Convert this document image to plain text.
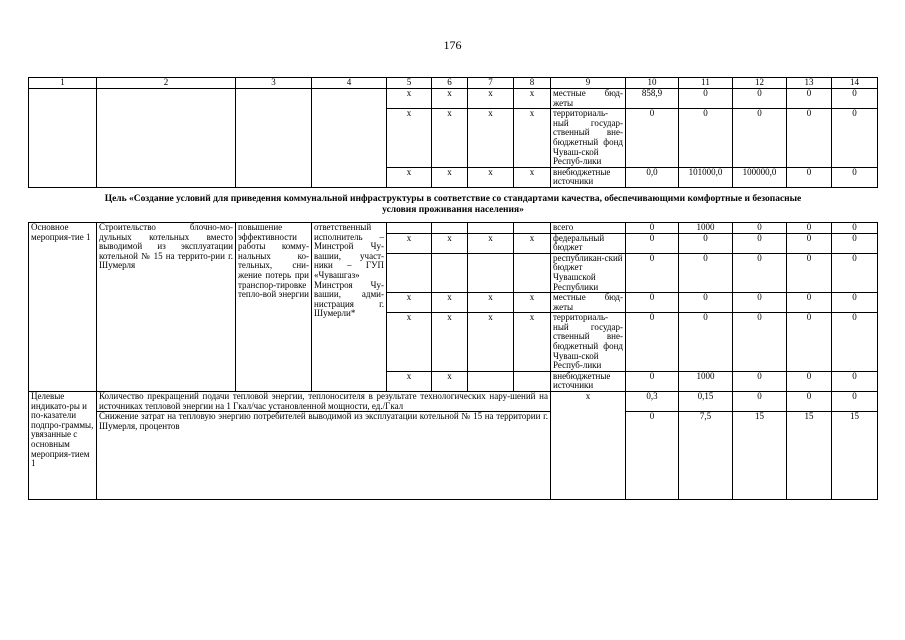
176
1	2	3	4	5	6	7	8	9	10	11	12	13	14
				x	x	x	x	местные бюд-жеты	858,9	0	0	0	0
				x	x	x	x	территориаль-ный государ-ственный вне-бюджетный фонд Чуваш-ской Респуб-лики	0	0	0	0	0
				x	x	x	x	внебюджетные источники	0,0	101000,0	100000,0	0	0
Цель «Создание условий для приведения коммунальной инфраструктуры в соответствие со стандартами качества, обеспечивающими комфортные и безопасные условия проживания населения»													
Основное мероприя-тие 1	Строительство блочно-мо-дульных котельных вместо выводимой из эксплуатации котельной № 15 на террито-рии г. Шумерля	повышение эффективности работы комму-нальных ко-тельных, сни-жение потерь при транспор-тировке тепло-вой энергии	ответственный исполнитель – Минстрой Чу-вашии, участ-ники – ГУП «Чувашгаз» Минстроя Чу-вашии, адми-нистрация г. Шумерли*					всего	0	1000	0	0	0
				x	x	x	x	федеральный бюджет	0	0	0	0	0
								республикан-ский бюджет Чувашской Республики	0	0	0	0	0
				x	x	x	x	местные бюд-жеты	0	0	0	0	0
				x	x	x	x	территориаль-ный государ-ственный вне-бюджетный фонд Чуваш-ской Респуб-лики	0	0	0	0	0
				x	x			внебюджетные источники	0	1000	0	0	0
Целевые индикато-ры и по-казатели подпро-граммы, увязанные с основным мероприя-тием 1	Количество прекращений подачи тепловой энергии, теплоносителя в результате технологических нару-шений на источниках тепловой энергии на 1 Гкал/час установленной мощности, ед./Гкал							x	0,3	0,15	0	0	0
	Снижение затрат на тепловую энергию потребителей выводимой из эксплуатации котельной № 15 на территории г. Шумерля, процентов								0	7,5	15	15	15
